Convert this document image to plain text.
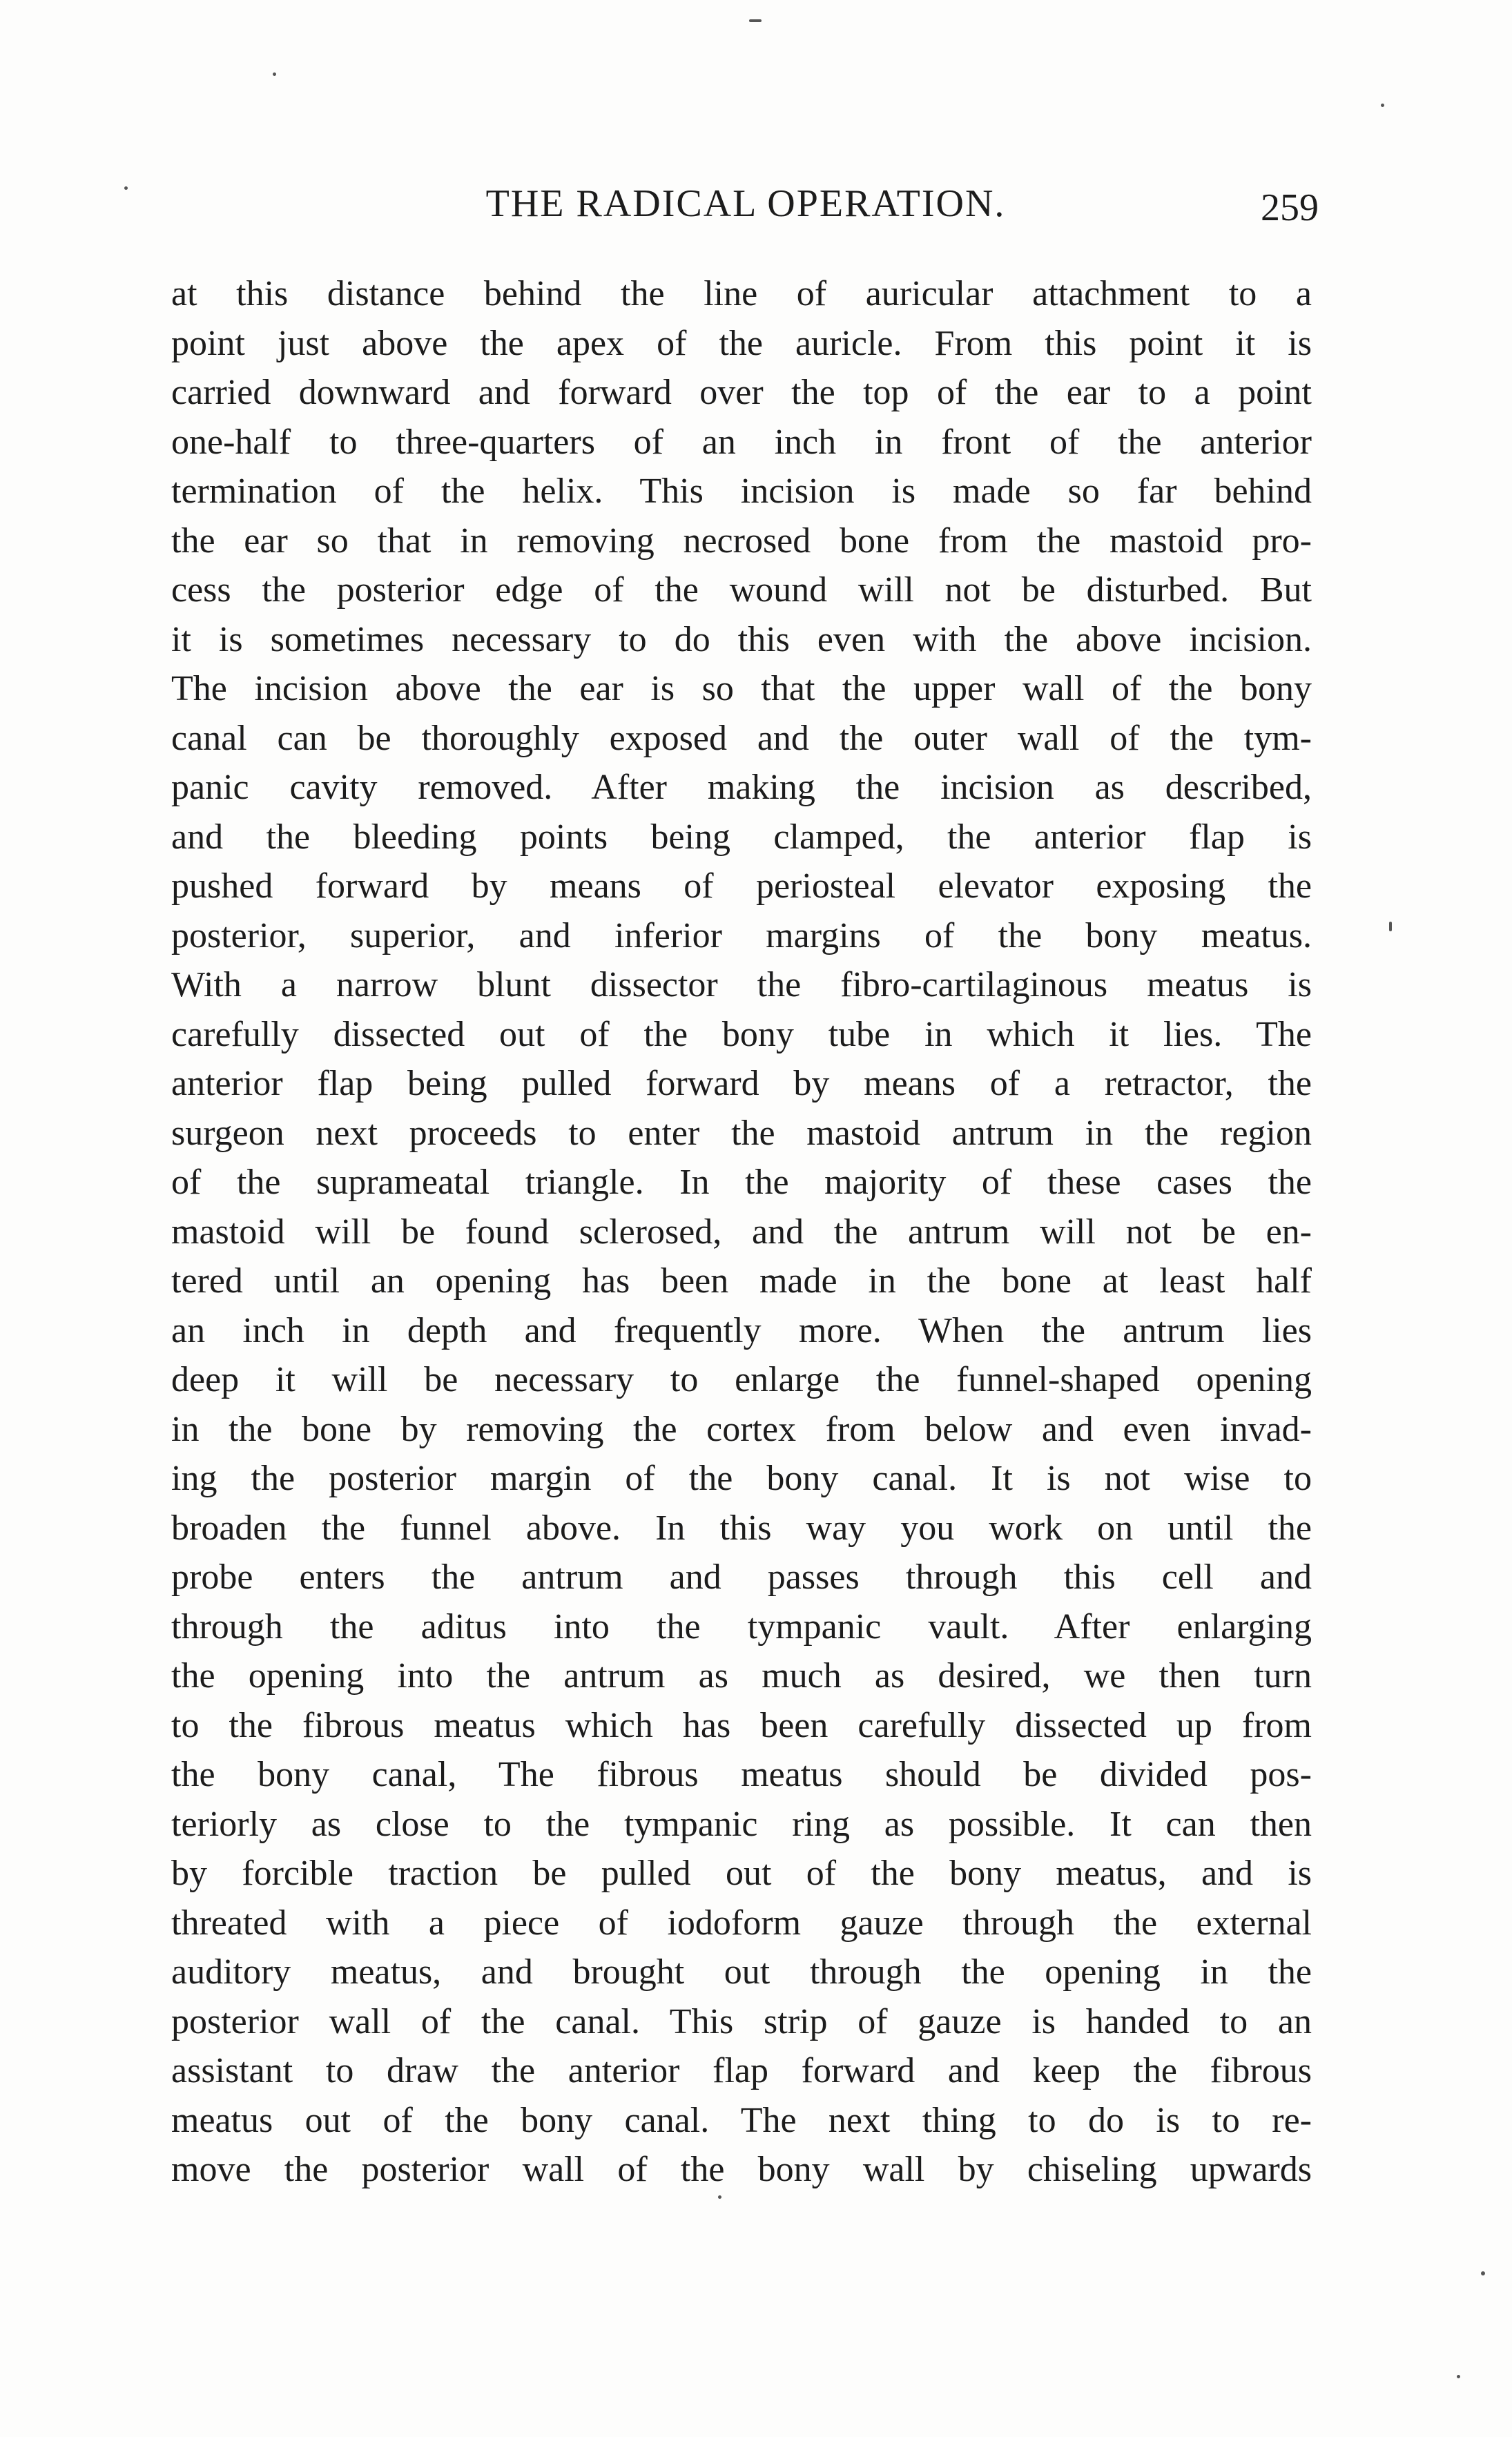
THE RADICAL OPERATION.	259
at this distance behind the line of auricular attachment to a
point just above the apex of the auricle. From this point it is
carried downward and forward over the top of the ear to a point
one-half to three-quarters of an inch in front of the anterior
termination of the helix. This incision is made so far behind
the ear so that in removing necrosed bone from the mastoid pro-
cess the posterior edge of the wound will not be disturbed. But
it is sometimes necessary to do this even with the above incision.
The incision above the ear is so that the upper wall of the bony
canal can be thoroughly exposed and the outer wall of the tym-
panic cavity removed. After making the incision as described,
and the bleeding points being clamped, the anterior flap is
pushed forward by means of periosteal elevator exposing the
posterior, superior, and inferior margins of the bony meatus.
With a narrow blunt dissector the fibro-cartilaginous meatus is
carefully dissected out of the bony tube in which it lies. The
anterior flap being pulled forward by means of a retractor, the
surgeon next proceeds to enter the mastoid antrum in the region
of the suprameatal triangle. In the majority of these cases the
mastoid will be found sclerosed, and the antrum will not be en-
tered until an opening has been made in the bone at least half
an inch in depth and frequently more. When the antrum lies
deep it will be necessary to enlarge the funnel-shaped opening
in the bone by removing the cortex from below and even invad-
ing the posterior margin of the bony canal. It is not wise to
broaden the funnel above. In this way you work on until the
probe enters the antrum and passes through this cell and
through the aditus into the tympanic vault. After enlarging
the opening into the antrum as much as desired, we then turn
to the fibrous meatus which has been carefully dissected up from
the bony canal, The fibrous meatus should be divided pos-
teriorly as close to the tympanic ring as possible. It can then
by forcible traction be pulled out of the bony meatus, and is
threated with a piece of iodoform gauze through the external
auditory meatus, and brought out through the opening in the
posterior wall of the canal. This strip of gauze is handed to an
assistant to draw the anterior flap forward and keep the fibrous
meatus out of the bony canal. The next thing to do is to re-
move the posterior wall of the bony wall by chiseling upwards
